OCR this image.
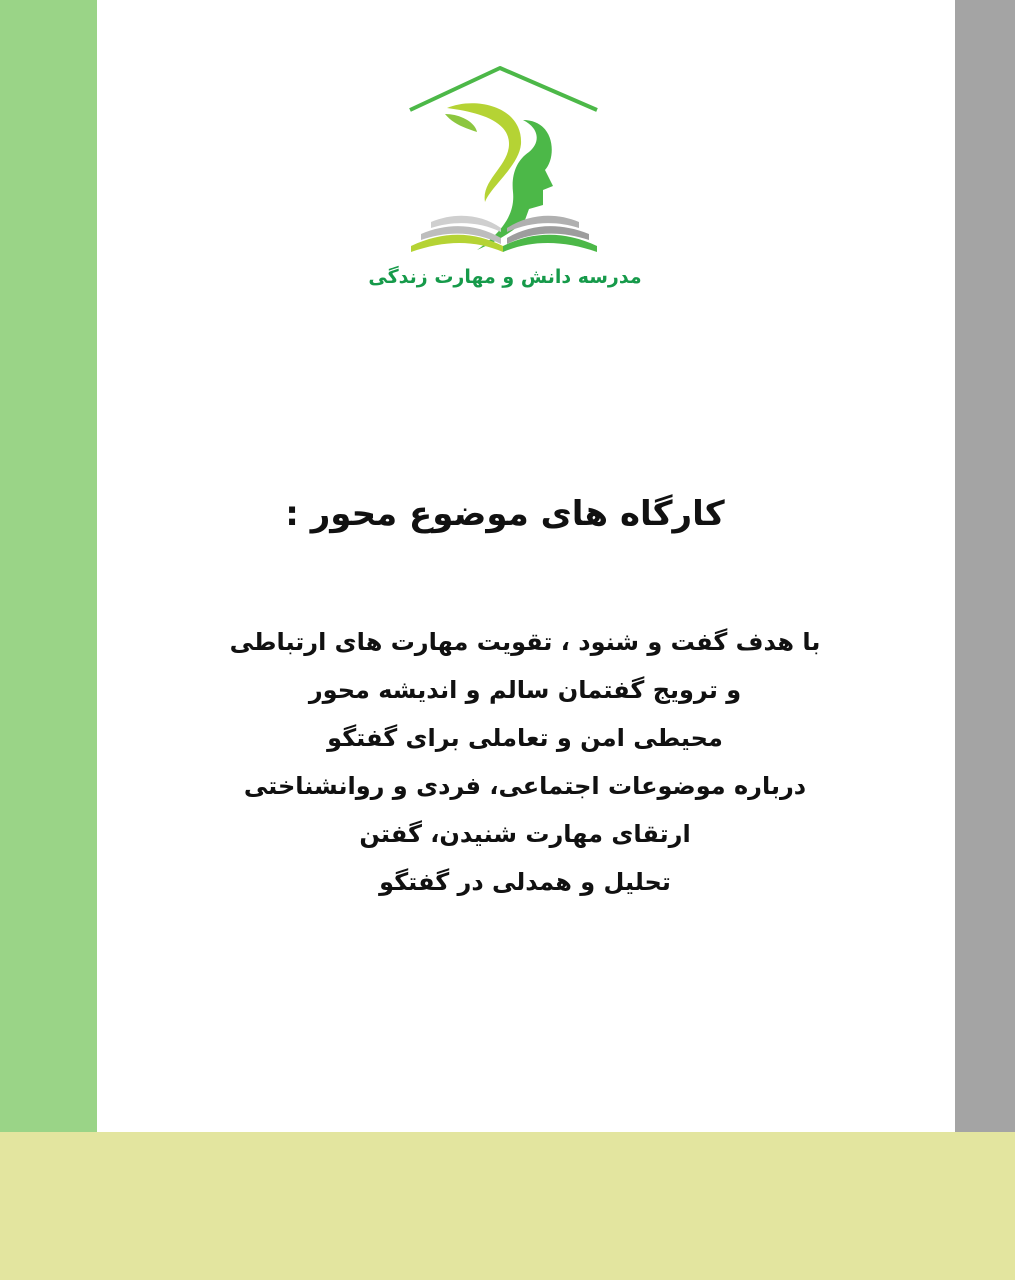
مدرسه دانش و مهارت زندگی
کارگاه های موضوع محور :
با هدف گفت و شنود ، تقویت مهارت های ارتباطی
و ترویج گفتمان سالم و اندیشه محور
محیطی امن و تعاملی برای گفتگو
درباره موضوعات اجتماعی، فردی و روانشناختی
ارتقای مهارت شنیدن، گفتن
تحلیل و همدلی در گفتگو
